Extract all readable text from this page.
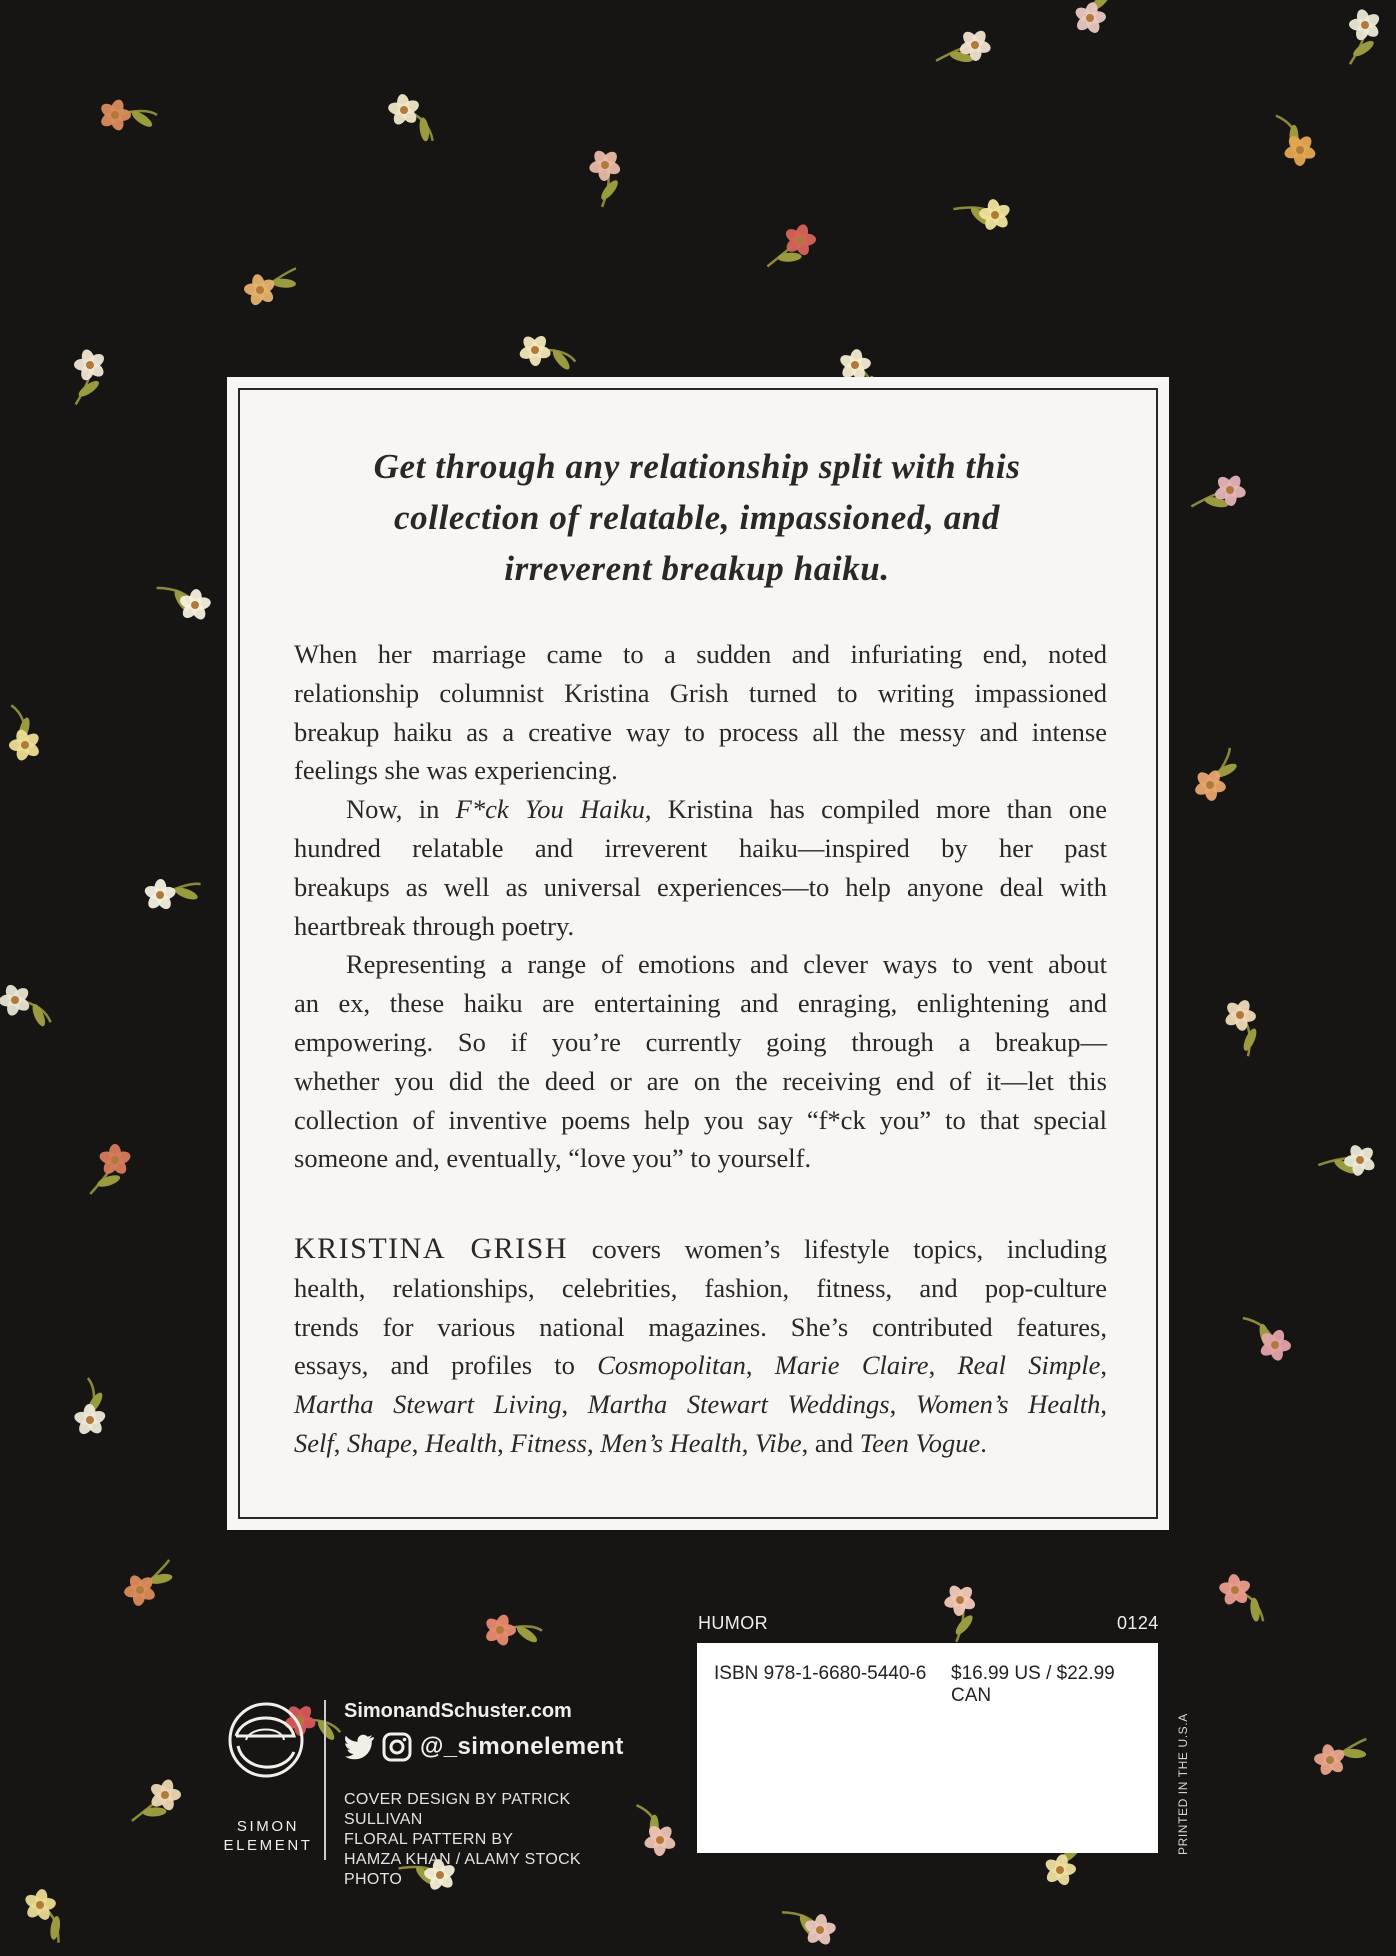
Get through any relationship split with this
collection of relatable, impassioned, and
irreverent breakup haiku.
When her marriage came to a sudden and infuriating end, noted
relationship columnist Kristina Grish turned to writing impassioned
breakup haiku as a creative way to process all the messy and intense
feelings she was experiencing.
Now, in F*ck You Haiku, Kristina has compiled more than one
hundred relatable and irreverent haiku—inspired by her past
breakups as well as universal experiences—to help anyone deal with
heartbreak through poetry.
Representing a range of emotions and clever ways to vent about
an ex, these haiku are entertaining and enraging, enlightening and
empowering. So if you’re currently going through a breakup—
whether you did the deed or are on the receiving end of it—let this
collection of inventive poems help you say “f*ck you” to that special
someone and, eventually, “love you” to yourself.
KRISTINA GRISH covers women’s lifestyle topics, including
health, relationships, celebrities, fashion, fitness, and pop-culture
trends for various national magazines. She’s contributed features,
essays, and profiles to Cosmopolitan, Marie Claire, Real Simple,
Martha Stewart Living, Martha Stewart Weddings, Women’s Health,
Self, Shape, Health, Fitness, Men’s Health, Vibe, and Teen Vogue.
SIMON
ELEMENT
SimonandSchuster.com
@_simonelement
COVER DESIGN BY PATRICK SULLIVAN
FLORAL PATTERN BY
HAMZA KHAN / ALAMY STOCK PHOTO
HUMOR	0124
ISBN 978-1-6680-5440-6 $16.99 US / $22.99 CAN
PRINTED IN THE U.S.A
